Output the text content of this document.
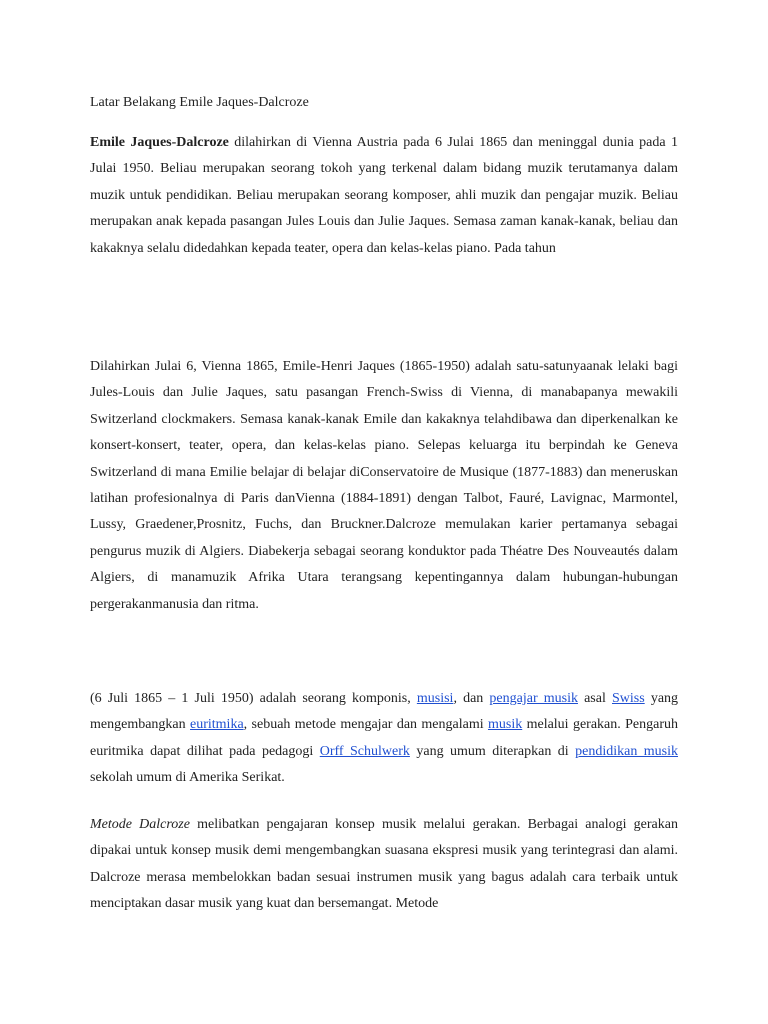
Latar Belakang Emile Jaques-Dalcroze

Emile Jaques-Dalcroze dilahirkan di Vienna Austria pada 6 Julai 1865 dan meninggal dunia pada 1 Julai 1950. Beliau merupakan seorang tokoh yang terkenal dalam bidang muzik terutamanya dalam muzik untuk pendidikan. Beliau merupakan seorang komposer, ahli muzik dan pengajar muzik. Beliau merupakan anak kepada pasangan Jules Louis dan Julie Jaques. Semasa zaman kanak-kanak, beliau dan kakaknya selalu didedahkan kepada teater, opera dan kelas-kelas piano. Pada tahun

Dilahirkan Julai 6, Vienna 1865, Emile-Henri Jaques (1865-1950) adalah satu-satunyaanak lelaki bagi Jules-Louis dan Julie Jaques, satu pasangan French-Swiss di Vienna, di manabapanya mewakili Switzerland clockmakers. Semasa kanak-kanak Emile dan kakaknya telahdibawa dan diperkenalkan ke konsert-konsert, teater, opera, dan kelas-kelas piano. Selepas keluarga itu berpindah ke Geneva Switzerland di mana Emilie belajar di belajar diConservatoire de Musique (1877-1883) dan meneruskan latihan profesionalnya di Paris danVienna (1884-1891) dengan Talbot, Fauré, Lavignac, Marmontel, Lussy, Graedener,Prosnitz, Fuchs, dan Bruckner.Dalcroze memulakan karier pertamanya sebagai pengurus muzik di Algiers. Diabekerja sebagai seorang konduktor pada Théatre Des Nouveautés dalam Algiers, di manamuzik Afrika Utara terangsang kepentingannya dalam hubungan-hubungan pergerakanmanusia dan ritma.

(6 Juli 1865 – 1 Juli 1950) adalah seorang komponis, musisi, dan pengajar musik asal Swiss yang mengembangkan euritmika, sebuah metode mengajar dan mengalami musik melalui gerakan. Pengaruh euritmika dapat dilihat pada pedagogi Orff Schulwerk yang umum diterapkan di pendidikan musik sekolah umum di Amerika Serikat.

Metode Dalcroze melibatkan pengajaran konsep musik melalui gerakan. Berbagai analogi gerakan dipakai untuk konsep musik demi mengembangkan suasana ekspresi musik yang terintegrasi dan alami. Dalcroze merasa membelokkan badan sesuai instrumen musik yang bagus adalah cara terbaik untuk menciptakan dasar musik yang kuat dan bersemangat. Metode
